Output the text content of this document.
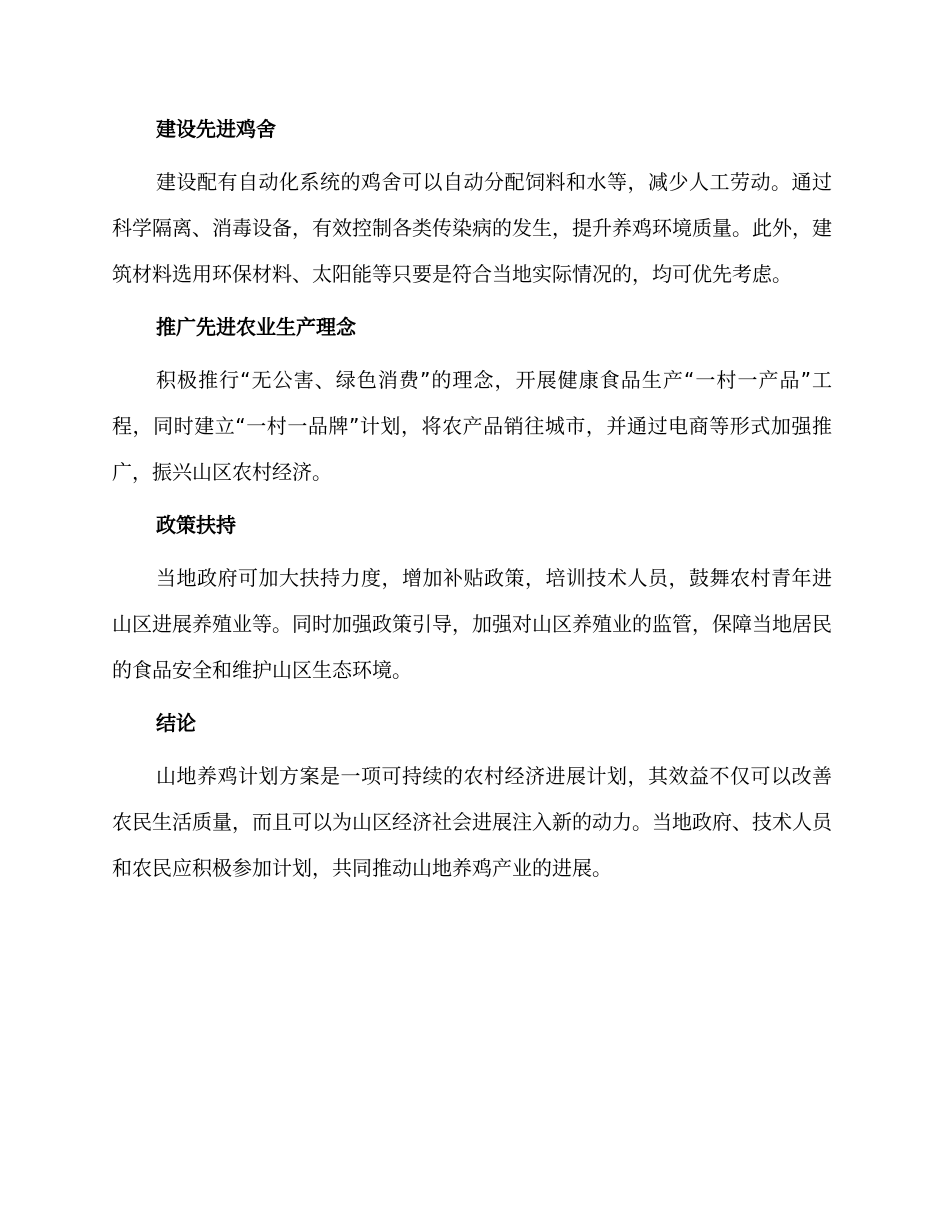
建设先进鸡舍

建设配有自动化系统的鸡舍可以自动分配饲料和水等，减少人工劳动。通过科学隔离、消毒设备，有效控制各类传染病的发生，提升养鸡环境质量。此外，建筑材料选用环保材料、太阳能等只要是符合当地实际情况的，均可优先考虑。

推广先进农业生产理念

积极推行“无公害、绿色消费”的理念，开展健康食品生产“一村一产品”工程，同时建立“一村一品牌”计划，将农产品销往城市，并通过电商等形式加强推广，振兴山区农村经济。

政策扶持

当地政府可加大扶持力度，增加补贴政策，培训技术人员，鼓舞农村青年进山区进展养殖业等。同时加强政策引导，加强对山区养殖业的监管，保障当地居民的食品安全和维护山区生态环境。

结论

山地养鸡计划方案是一项可持续的农村经济进展计划，其效益不仅可以改善农民生活质量，而且可以为山区经济社会进展注入新的动力。当地政府、技术人员和农民应积极参加计划，共同推动山地养鸡产业的进展。
